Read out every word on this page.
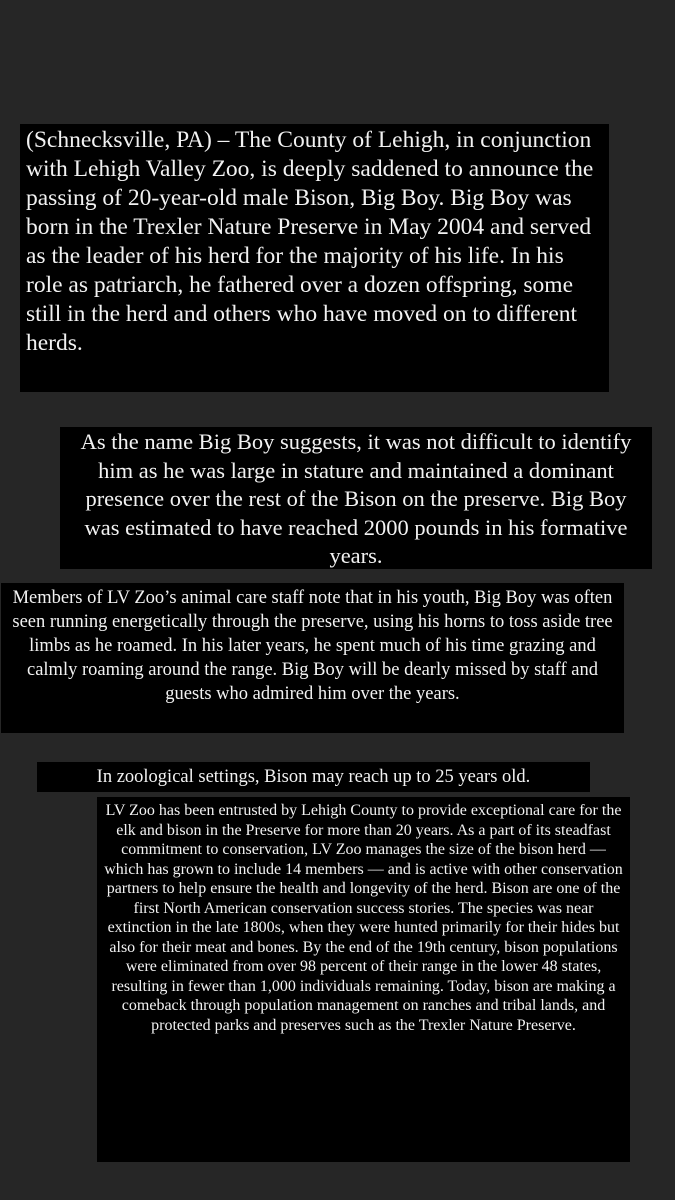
(Schnecksville, PA) – The County of Lehigh, in conjunction with Lehigh Valley Zoo, is deeply saddened to announce the passing of 20-year-old male Bison, Big Boy. Big Boy was born in the Trexler Nature Preserve in May 2004 and served as the leader of his herd for the majority of his life. In his role as patriarch, he fathered over a dozen offspring, some still in the herd and others who have moved on to different herds.

As the name Big Boy suggests, it was not difficult to identify him as he was large in stature and maintained a dominant presence over the rest of the Bison on the preserve. Big Boy was estimated to have reached 2000 pounds in his formative years.

Members of LV Zoo’s animal care staff note that in his youth, Big Boy was often seen running energetically through the preserve, using his horns to toss aside tree limbs as he roamed. In his later years, he spent much of his time grazing and calmly roaming around the range. Big Boy will be dearly missed by staff and guests who admired him over the years.

In zoological settings, Bison may reach up to 25 years old.

LV Zoo has been entrusted by Lehigh County to provide exceptional care for the elk and bison in the Preserve for more than 20 years. As a part of its steadfast commitment to conservation, LV Zoo manages the size of the bison herd — which has grown to include 14 members — and is active with other conservation partners to help ensure the health and longevity of the herd. Bison are one of the first North American conservation success stories. The species was near extinction in the late 1800s, when they were hunted primarily for their hides but also for their meat and bones. By the end of the 19th century, bison populations were eliminated from over 98 percent of their range in the lower 48 states, resulting in fewer than 1,000 individuals remaining. Today, bison are making a comeback through population management on ranches and tribal lands, and protected parks and preserves such as the Trexler Nature Preserve.
